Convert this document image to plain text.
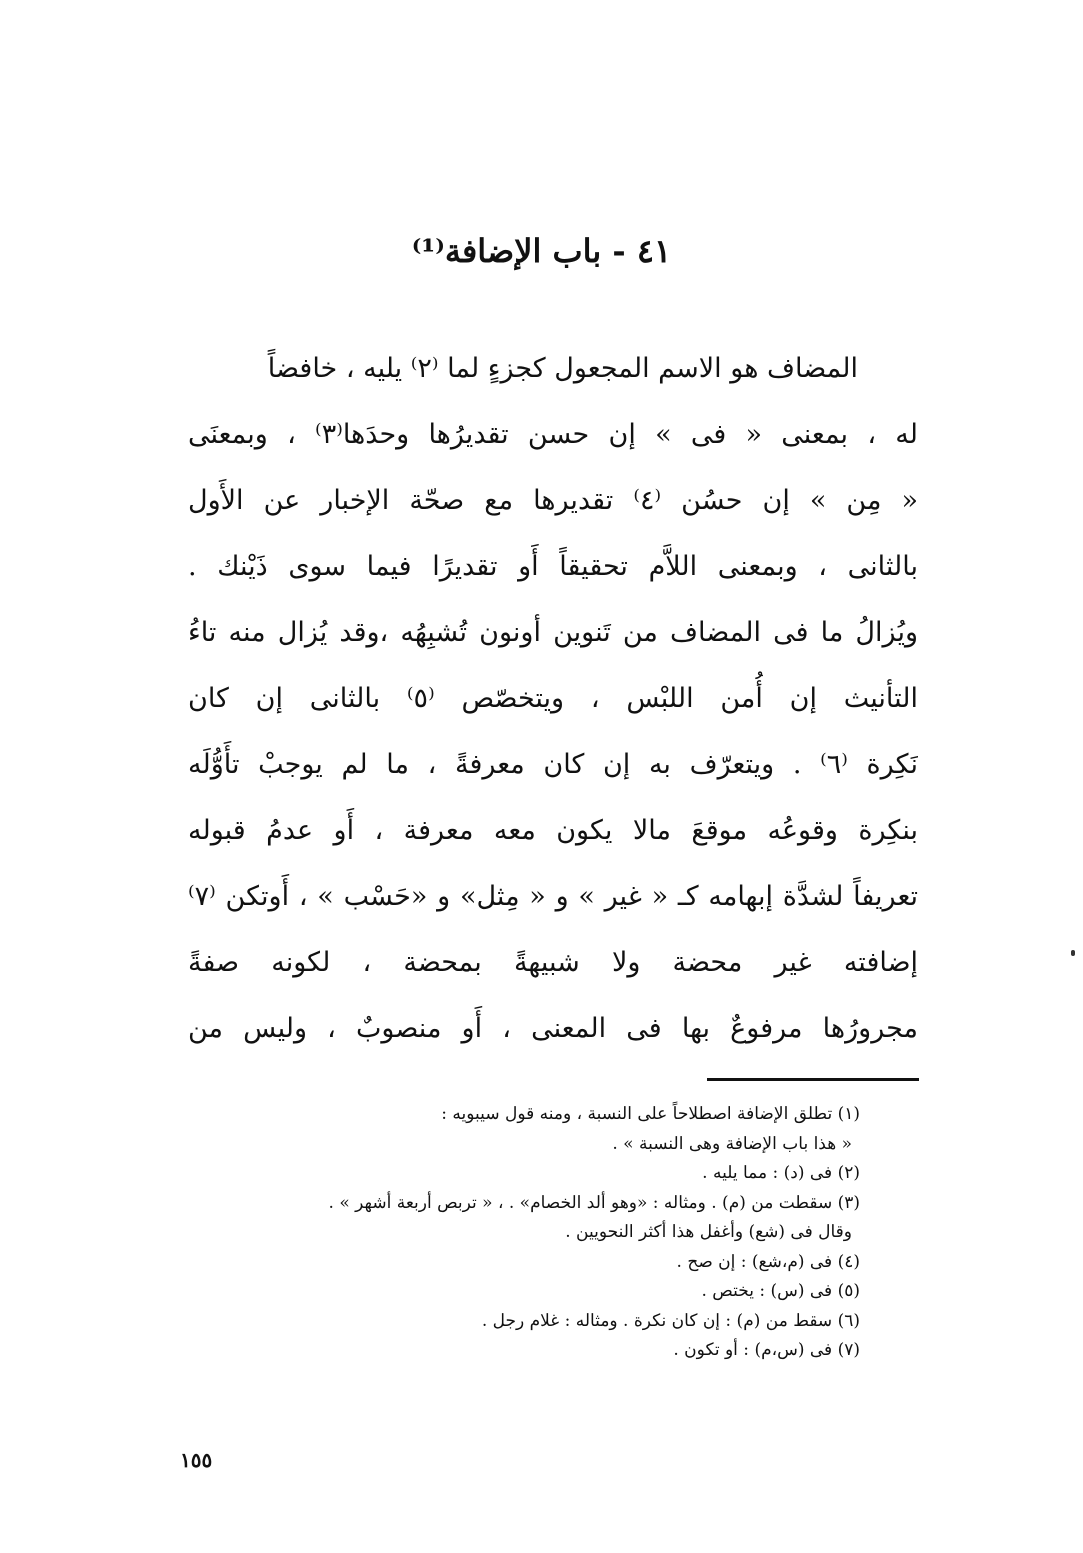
٤١ - باب الإضافة⁽¹⁾
المضاف هو الاسم المجعول كجزءٍ لما ⁽٢⁾ يليه ، خافضاً
له ، بمعنى « فى » إن حسن تقديرُها وحدَها⁽٣⁾ ، وبمعنَى
« مِن » إن حسُن ⁽٤⁾ تقديرها مع صحّة الإخبار عن الأَول
بالثانى ، وبمعنى اللاَّم تحقيقاً أَو تقديرًا فيما سوى ذَيْنك .
ويُزالُ ما فى المضاف من تَنوين أونون تُشبِهُه ،وقد يُزال منه تاءُ
التأنيث إن أُمن اللبْس ، ويتخصّص ⁽٥⁾ بالثانى إن كان
نَكِرة ⁽٦⁾ . ويتعرّف به إن كان معرفةً ، ما لم يوجبْ تأَوُّلَه
بنكِرة وقوعُه موقعَ مالا يكون معه معرفة ، أَو عدمُ قبوله
تعريفاً لشدَّة إبهامه كـ « غير » و « مِثل» و «حَسْب » ، أَوتكن ⁽٧⁾
إضافته غير محضة ولا شبيهةً بمحضة ، لكونه صفةً
مجرورُها مرفوعٌ بها فى المعنى ، أَو منصوبٌ ، وليس من
(١) تطلق الإضافة اصطلاحاً على النسبة ، ومنه قول سيبويه :
« هذا باب الإضافة وهى النسبة » .
(٢) فى (د) : مما يليه .
(٣) سقطت من (م) . ومثاله : «وهو ألد الخصام» . ، « تربص أربعة أشهر » .
وقال فى (شع) وأغفل هذا أكثر النحويين .
(٤) فى (م،شع) : إن صح .
(٥) فى (س) : يختص .
(٦) سقط من (م) : إن كان نكرة . ومثاله : غلام رجل .
(٧) فى (س،م) : أو تكون .
١٥٥
